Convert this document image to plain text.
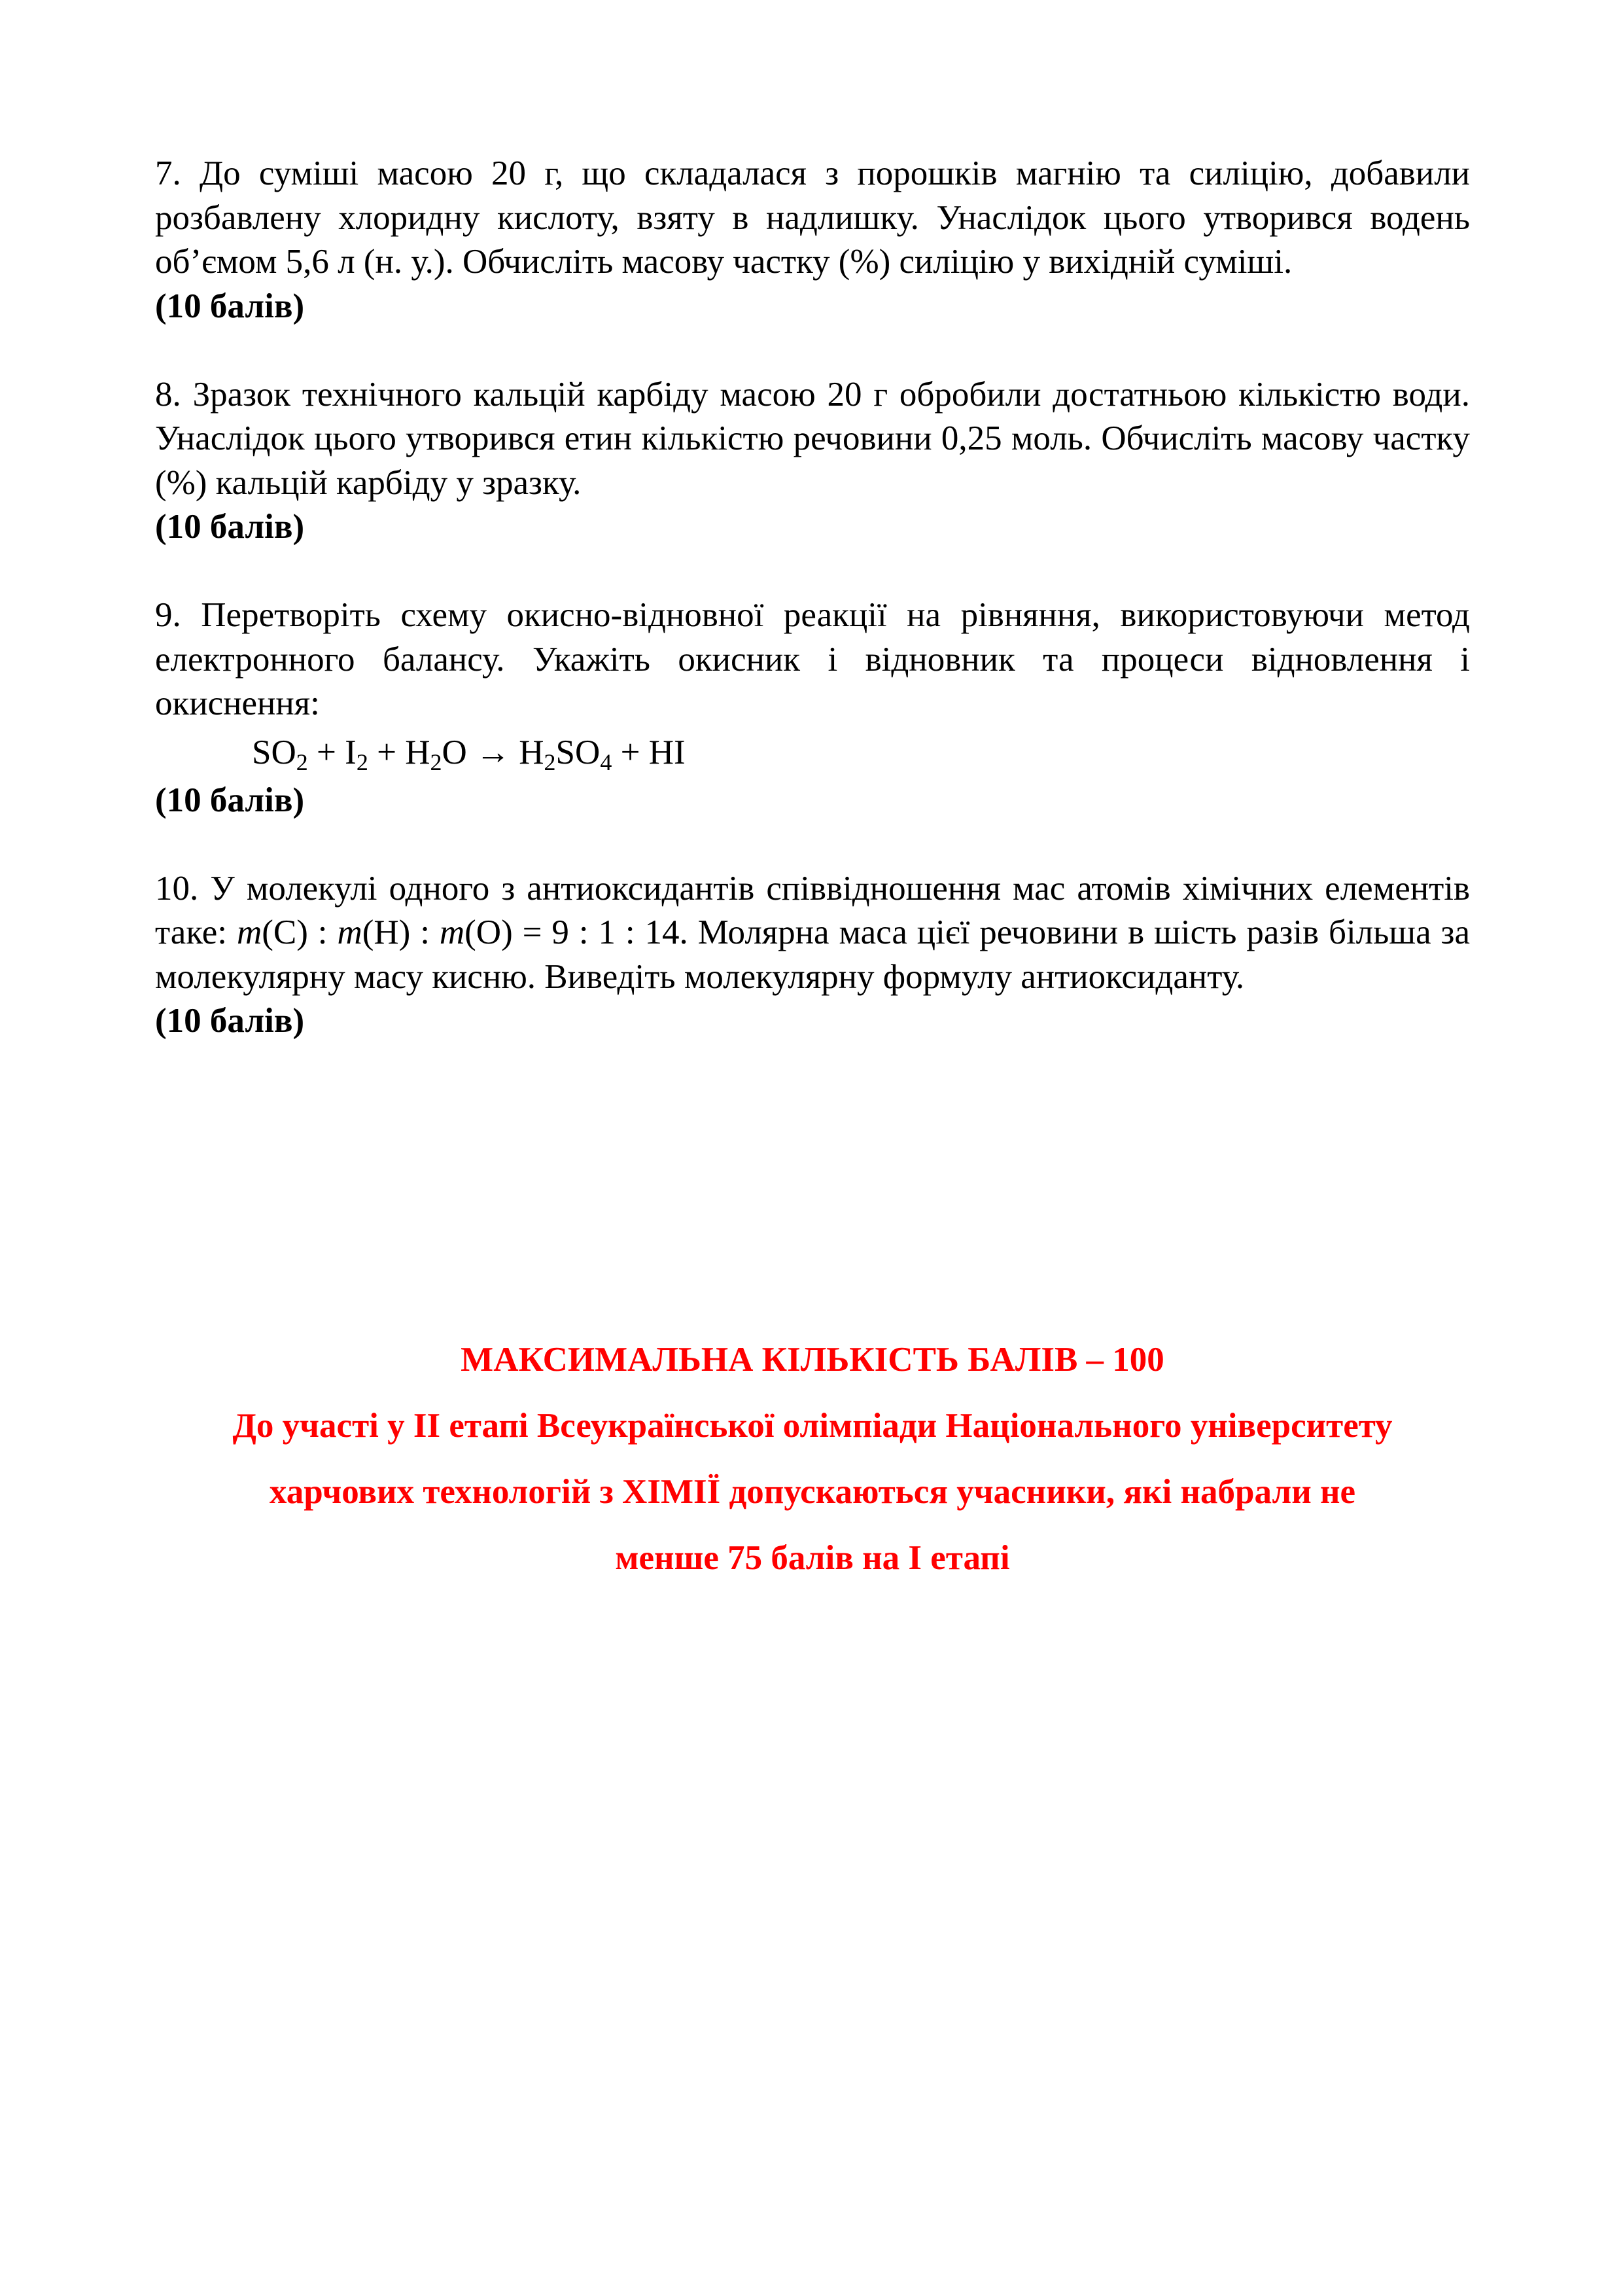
7. До суміші масою 20 г, що складалася з порошків магнію та силіцію, добавили розбавлену хлоридну кислоту, взяту в надлишку. Унаслідок цього утворився водень об’ємом 5,6 л (н. у.). Обчисліть масову частку (%) силіцію у вихідній суміші.

(10 балів)

8. Зразок технічного кальцій карбіду масою 20 г обробили достатньою кількістю води. Унаслідок цього утворився етин кількістю речовини 0,25 моль. Обчисліть масову частку (%) кальцій карбіду у зразку.

(10 балів)

9. Перетворіть схему окисно-відновної реакції на рівняння, використовуючи метод електронного балансу. Укажіть окисник і відновник та процеси відновлення і окиснення:

$SO_2 + I_2 + H_2O \to H_2SO_4$ + HI
(10 балів)

10. У молекулі одного з антиоксидантів співвідношення мас атомів хімічних елементів таке: m(C) : m(H) : m(O) = 9 : 1 : 14. Молярна маса цієї речовини в шість разів більша за молекулярну масу кисню. Виведіть молекулярну формулу антиоксиданту.

(10 балів)
МАКСИМАЛЬНА КІЛЬКІСТЬ БАЛІВ – 100
До участі у ІІ етапі Всеукраїнської олімпіади Національного університету
харчових технологій з ХІМІЇ допускаються учасники, які набрали не
менше 75 балів на І етапі
